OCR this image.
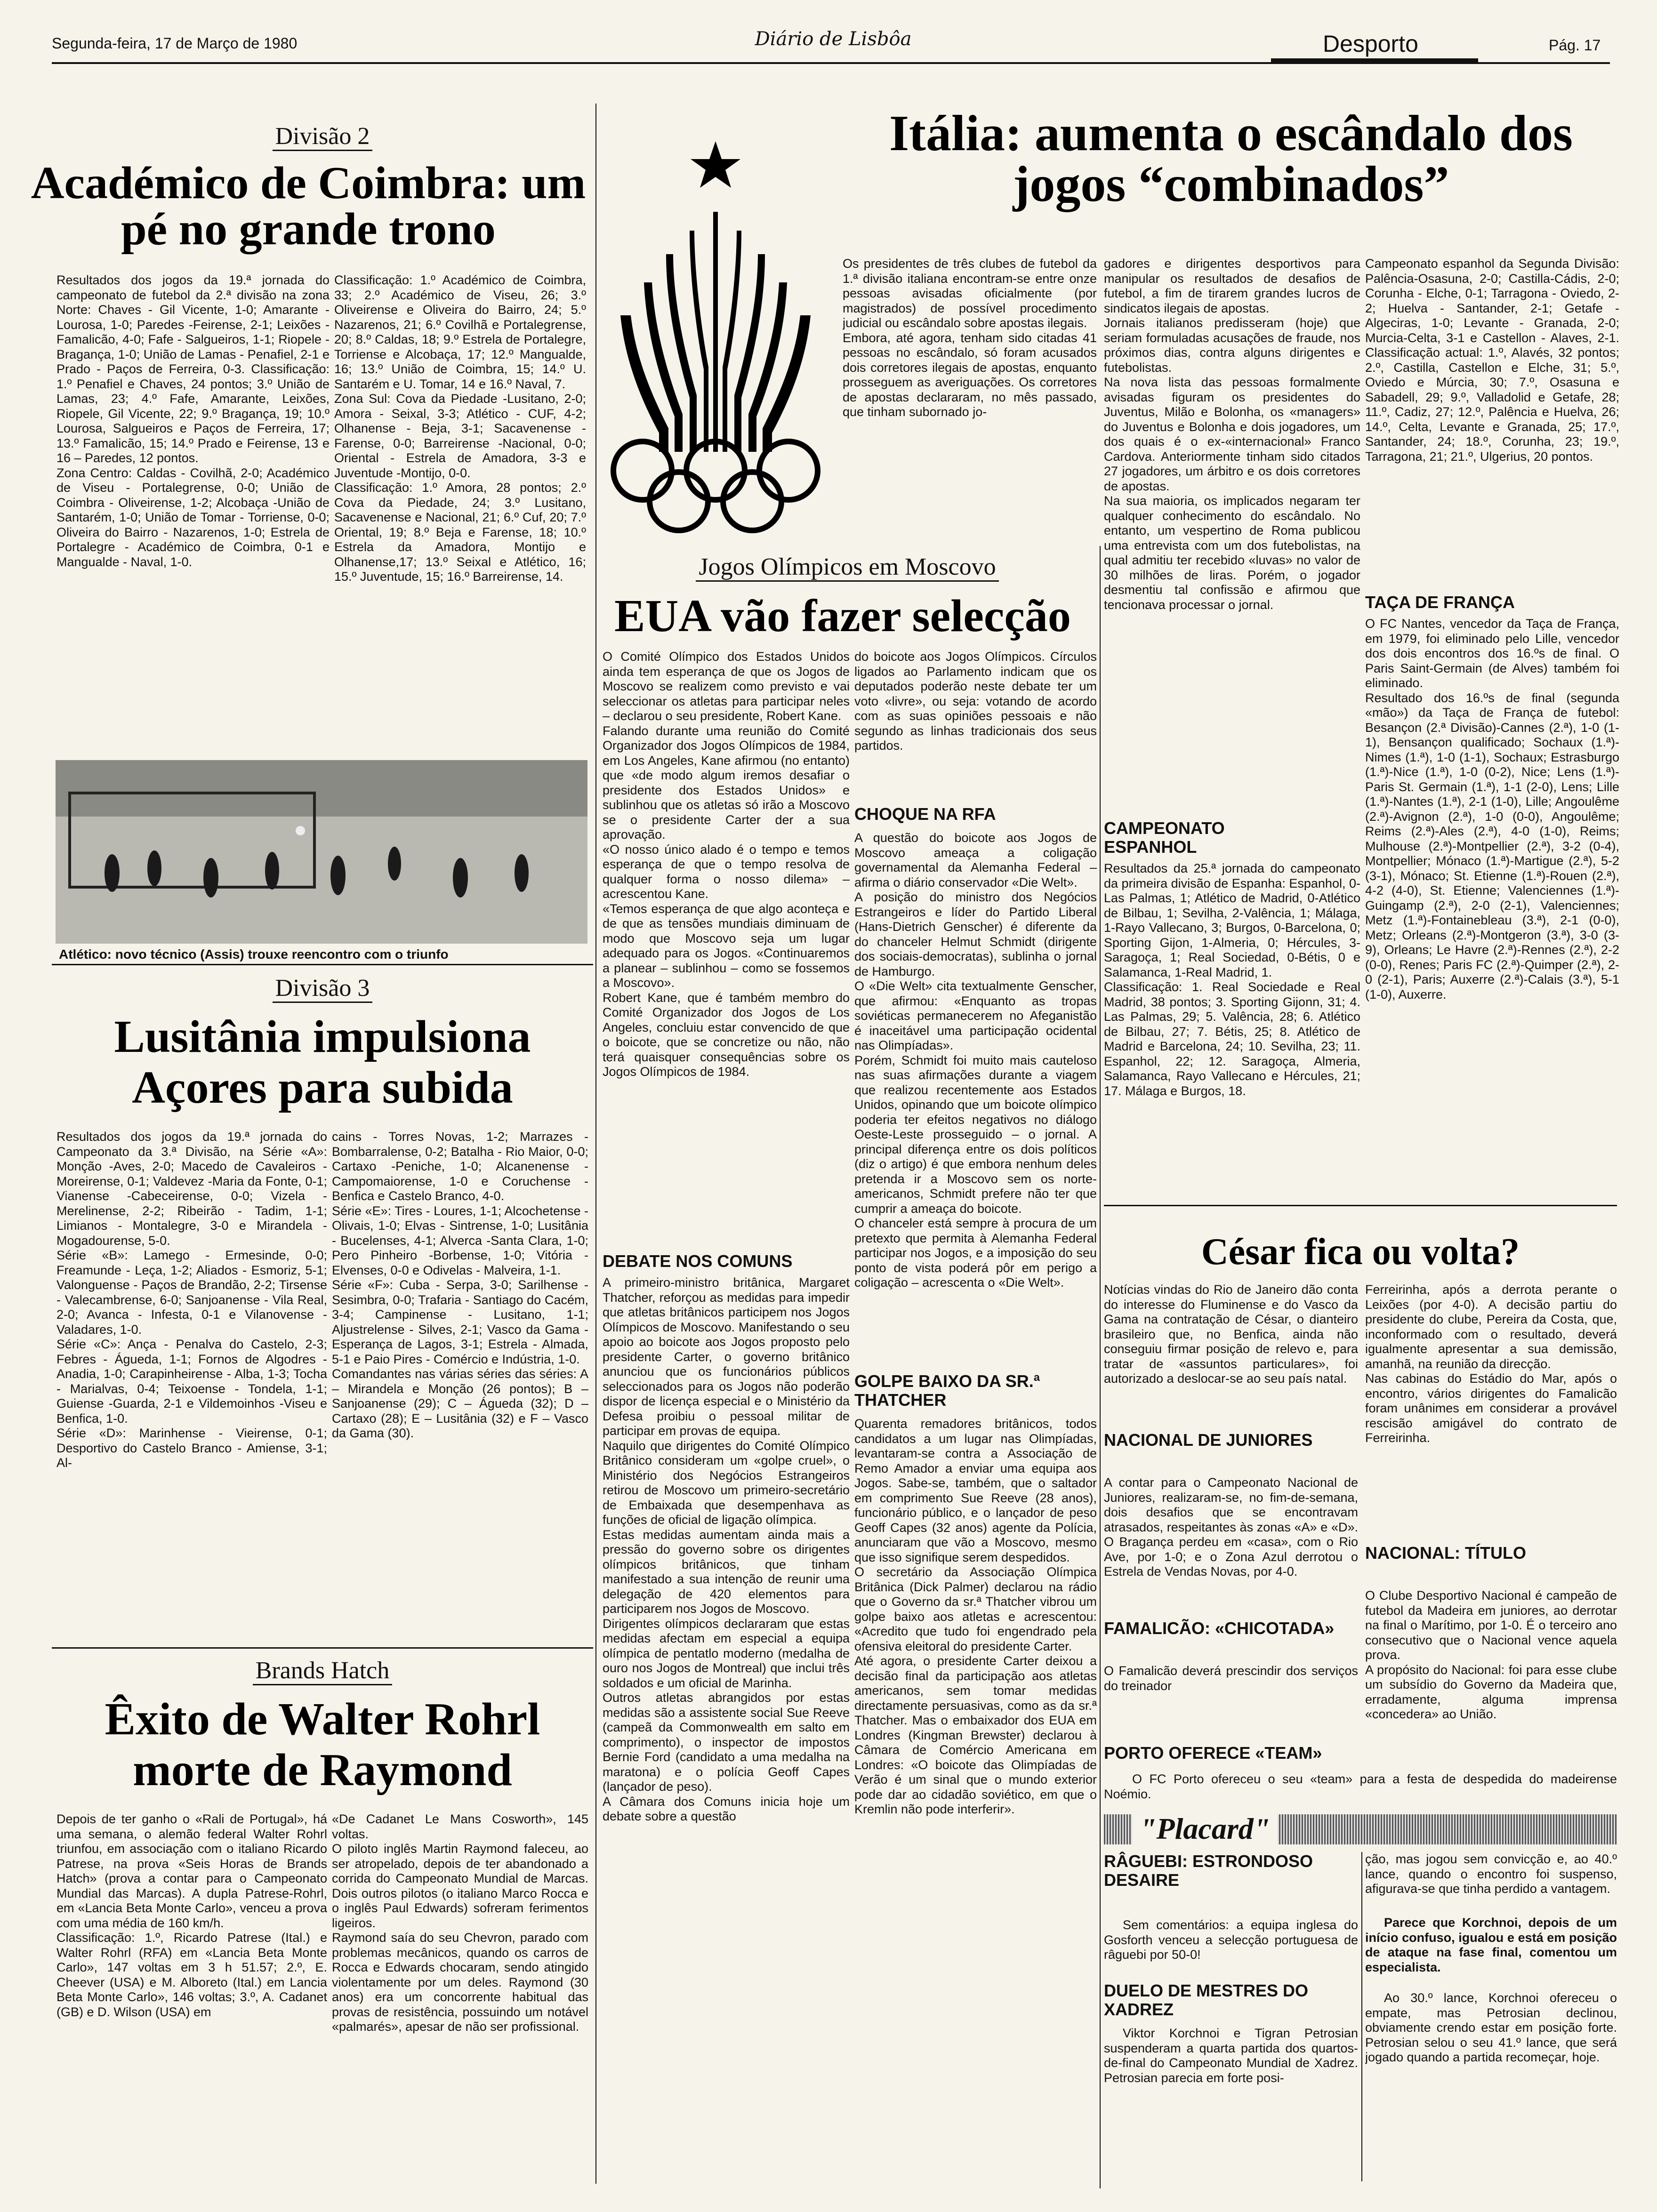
Segunda-feira, 17 de Março de 1980	Diário de Lisbôa	Desporto	Pág. 17
Divisão 2
Académico de Coimbra: um pé no grande trono
Resultados dos jogos da 19.ª jornada do campeonato de futebol da 2.ª divisão na zona Norte: Chaves - Gil Vicente, 1-0; Amarante - Lourosa, 1-0; Paredes -Feirense, 2-1; Leixões - Famalicão, 4-0; Fafe - Salgueiros, 1-1; Riopele - Bragança, 1-0; União de Lamas - Penafiel, 2-1 e Prado - Paços de Ferreira, 0-3. Classificação: 1.º Penafiel e Chaves, 24 pontos; 3.º União de Lamas, 23; 4.º Fafe, Amarante, Leixões, Riopele, Gil Vicente, 22; 9.º Bragança, 19; 10.º Lourosa, Salgueiros e Paços de Ferreira, 17; 13.º Famalicão, 15; 14.º Prado e Feirense, 13 e 16 – Paredes, 12 pontos.
Zona Centro: Caldas - Covilhã, 2-0; Académico de Viseu - Portalegrense, 0-0; União de Coimbra - Oliveirense, 1-2; Alcobaça -União de Santarém, 1-0; União de Tomar - Torriense, 0-0; Oliveira do Bairro - Nazarenos, 1-0; Estrela de Portalegre - Académico de Coimbra, 0-1 e Mangualde - Naval, 1-0.
Classificação: 1.º Académico de Coimbra, 33; 2.º Académico de Viseu, 26; 3.º Oliveirense e Oliveira do Bairro, 24; 5.º Nazarenos, 21; 6.º Covilhã e Portalegrense, 20; 8.º Caldas, 18; 9.º Estrela de Portalegre, Torriense e Alcobaça, 17; 12.º Mangualde, 16; 13.º União de Coimbra, 15; 14.º U. Santarém e U. Tomar, 14 e 16.º Naval, 7.
Zona Sul: Cova da Piedade -Lusitano, 2-0; Amora - Seixal, 3-3; Atlético - CUF, 4-2; Olhanense - Beja, 3-1; Sacavenense - Farense, 0-0; Barreirense -Nacional, 0-0; Oriental - Estrela de Amadora, 3-3 e Juventude -Montijo, 0-0.
Classificação: 1.º Amora, 28 pontos; 2.º Cova da Piedade, 24; 3.º Lusitano, Sacavenense e Nacional, 21; 6.º Cuf, 20; 7.º Oriental, 19; 8.º Beja e Farense, 18; 10.º Estrela da Amadora, Montijo e Olhanense,17; 13.º Seixal e Atlético, 16; 15.º Juventude, 15; 16.º Barreirense, 14.
Atlético: novo técnico (Assis) trouxe reencontro com o triunfo
Divisão 3
Lusitânia impulsiona Açores para subida
Resultados dos jogos da 19.ª jornada do Campeonato da 3.ª Divisão, na Série «A»: Monção -Aves, 2-0; Macedo de Cavaleiros - Moreirense, 0-1; Valdevez -Maria da Fonte, 0-1; Vianense -Cabeceirense, 0-0; Vizela - Merelinense, 2-2; Ribeirão - Tadim, 1-1; Limianos - Montalegre, 3-0 e Mirandela - Mogadourense, 5-0.
Série «B»: Lamego - Ermesinde, 0-0; Freamunde - Leça, 1-2; Aliados - Esmoriz, 5-1; Valonguense - Paços de Brandão, 2-2; Tirsense - Valecambrense, 6-0; Sanjoanense - Vila Real, 2-0; Avanca - Infesta, 0-1 e Vilanovense - Valadares, 1-0.
Série «C»: Ança - Penalva do Castelo, 2-3; Febres - Águeda, 1-1; Fornos de Algodres - Anadia, 1-0; Carapinheirense - Alba, 1-3; Tocha - Marialvas, 0-4; Teixoense - Tondela, 1-1; Guiense -Guarda, 2-1 e Vildemoinhos -Viseu e Benfica, 1-0.
Série «D»: Marinhense - Vieirense, 0-1; Desportivo do Castelo Branco - Amiense, 3-1; Al-
cains - Torres Novas, 1-2; Marrazes - Bombarralense, 0-2; Batalha - Rio Maior, 0-0; Cartaxo -Peniche, 1-0; Alcanenense -Campomaiorense, 1-0 e Coruchense - Benfica e Castelo Branco, 4-0.
Série «E»: Tires - Loures, 1-1; Alcochetense - Olivais, 1-0; Elvas - Sintrense, 1-0; Lusitânia - Bucelenses, 4-1; Alverca -Santa Clara, 1-0; Pero Pinheiro -Borbense, 1-0; Vitória - Elvenses, 0-0 e Odivelas - Malveira, 1-1.
Série «F»: Cuba - Serpa, 3-0; Sarilhense - Sesimbra, 0-0; Trafaria - Santiago do Cacém, 3-4; Campinense - Lusitano, 1-1; Aljustrelense - Silves, 2-1; Vasco da Gama - Esperança de Lagos, 3-1; Estrela - Almada, 5-1 e Paio Pires - Comércio e Indústria, 1-0.
Comandantes nas várias séries das séries: A – Mirandela e Monção (26 pontos); B – Sanjoanense (29); C – Águeda (32); D – Cartaxo (28); E – Lusitânia (32) e F – Vasco da Gama (30).
Brands Hatch
Êxito de Walter Rohrl morte de Raymond
Depois de ter ganho o «Rali de Portugal», há uma semana, o alemão federal Walter Rohrl triunfou, em associação com o italiano Ricardo Patrese, na prova «Seis Horas de Brands Hatch» (prova a contar para o Campeonato Mundial das Marcas). A dupla Patrese-Rohrl, em «Lancia Beta Monte Carlo», venceu a prova com uma média de 160 km/h.
Classificação: 1.º, Ricardo Patrese (Ital.) e Walter Rohrl (RFA) em «Lancia Beta Monte Carlo», 147 voltas em 3 h 51.57; 2.º, E. Cheever (USA) e M. Alboreto (Ital.) em Lancia Beta Monte Carlo», 146 voltas; 3.º, A. Cadanet (GB) e D. Wilson (USA) em
«De Cadanet Le Mans Cosworth», 145 voltas.
O piloto inglês Martin Raymond faleceu, ao ser atropelado, depois de ter abandonado a corrida do Campeonato Mundial de Marcas. Dois outros pilotos (o italiano Marco Rocca e o inglês Paul Edwards) sofreram ferimentos ligeiros.
Raymond saía do seu Chevron, parado com problemas mecânicos, quando os carros de Rocca e Edwards chocaram, sendo atingido violentamente por um deles. Raymond (30 anos) era um concorrente habitual das provas de resistência, possuindo um notável «palmarés», apesar de não ser profissional.
Itália: aumenta o escândalo dos jogos “combinados”
Os presidentes de três clubes de futebol da 1.ª divisão italiana encontram-se entre onze pessoas avisadas oficialmente (por magistrados) de possível procedimento judicial ou escândalo sobre apostas ilegais.
Embora, até agora, tenham sido citadas 41 pessoas no escândalo, só foram acusados dois corretores ilegais de apostas, enquanto prosseguem as averiguações. Os corretores de apostas declararam, no mês passado, que tinham subornado jo-
gadores e dirigentes desportivos para manipular os resultados de desafios de futebol, a fim de tirarem grandes lucros de sindicatos ilegais de apostas.
Jornais italianos predisseram (hoje) que seriam formuladas acusações de fraude, nos próximos dias, contra alguns dirigentes e futebolistas.
Na nova lista das pessoas formalmente avisadas figuram os presidentes do Juventus, Milão e Bolonha, os «managers» do Juventus e Bolonha e dois jogadores, um dos quais é o ex-«internacional» Franco Cardova. Anteriormente tinham sido citados 27 jogadores, um árbitro e os dois corretores de apostas.
Na sua maioria, os implicados negaram ter qualquer conhecimento do escândalo. No entanto, um vespertino de Roma publicou uma entrevista com um dos futebolistas, na qual admitiu ter recebido «luvas» no valor de 30 milhões de liras. Porém, o jogador desmentiu tal confissão e afirmou que tencionava processar o jornal.
CAMPEONATO ESPANHOL
Resultados da 25.ª jornada do campeonato da primeira divisão de Espanha: Espanhol, 0-Las Palmas, 1; Atlético de Madrid, 0-Atlético de Bilbau, 1; Sevilha, 2-Valência, 1; Málaga, 1-Rayo Vallecano, 3; Burgos, 0-Barcelona, 0; Sporting Gijon, 1-Almeria, 0; Hércules, 3-Saragoça, 1; Real Sociedad, 0-Bétis, 0 e Salamanca, 1-Real Madrid, 1.
Classificação: 1. Real Sociedade e Real Madrid, 38 pontos; 3. Sporting Gijonn, 31; 4. Las Palmas, 29; 5. Valência, 28; 6. Atlético de Bilbau, 27; 7. Bétis, 25; 8. Atlético de Madrid e Barcelona, 24; 10. Sevilha, 23; 11. Espanhol, 22; 12. Saragoça, Almeria, Salamanca, Rayo Vallecano e Hércules, 21; 17. Málaga e Burgos, 18.
Campeonato espanhol da Segunda Divisão: Palência-Osasuna, 2-0; Castilla-Cádis, 2-0; Corunha - Elche, 0-1; Tarragona - Oviedo, 2-2; Huelva - Santander, 2-1; Getafe - Algeciras, 1-0; Levante - Granada, 2-0; Murcia-Celta, 3-1 e Castellon - Alaves, 2-1. Classificação actual: 1.º, Alavés, 32 pontos; 2.º, Castilla, Castellon e Elche, 31; 5.º, Oviedo e Múrcia, 30; 7.º, Osasuna e Sabadell, 29; 9.º, Valladolid e Getafe, 28; 11.º, Cadiz, 27; 12.º, Palência e Huelva, 26; 14.º, Celta, Levante e Granada, 25; 17.º, Santander, 24; 18.º, Corunha, 23; 19.º, Tarragona, 21; 21.º, Ulgerius, 20 pontos.
TAÇA DE FRANÇA
O FC Nantes, vencedor da Taça de França, em 1979, foi eliminado pelo Lille, vencedor dos dois encontros dos 16.ºs de final. O Paris Saint-Germain (de Alves) também foi eliminado.
Resultado dos 16.ºs de final (segunda «mão») da Taça de França de futebol: Besançon (2.ª Divisão)-Cannes (2.ª), 1-0 (1-1), Bensançon qualificado; Sochaux (1.ª)-Nimes (1.ª), 1-0 (1-1), Sochaux; Estrasburgo (1.ª)-Nice (1.ª), 1-0 (0-2), Nice; Lens (1.ª)-Paris St. Germain (1.ª), 1-1 (2-0), Lens; Lille (1.ª)-Nantes (1.ª), 2-1 (1-0), Lille; Angoulême (2.ª)-Avignon (2.ª), 1-0 (0-0), Angoulême; Reims (2.ª)-Ales (2.ª), 4-0 (1-0), Reims; Mulhouse (2.ª)-Montpellier (2.ª), 3-2 (0-4), Montpellier; Mónaco (1.ª)-Martigue (2.ª), 5-2 (3-1), Mónaco; St. Etienne (1.ª)-Rouen (2.ª), 4-2 (4-0), St. Etienne; Valenciennes (1.ª)-Guingamp (2.ª), 2-0 (2-1), Valenciennes; Metz (1.ª)-Fontainebleau (3.ª), 2-1 (0-0), Metz; Orleans (2.ª)-Montgeron (3.ª), 3-0 (3-9), Orleans; Le Havre (2.ª)-Rennes (2.ª), 2-2 (0-0), Renes; Paris FC (2.ª)-Quimper (2.ª), 2-0 (2-1), Paris; Auxerre (2.ª)-Calais (3.ª), 5-1 (1-0), Auxerre.
Jogos Olímpicos em Moscovo
EUA vão fazer selecção
O Comité Olímpico dos Estados Unidos ainda tem esperança de que os Jogos de Moscovo se realizem como previsto e vai seleccionar os atletas para participar neles – declarou o seu presidente, Robert Kane.
Falando durante uma reunião do Comité Organizador dos Jogos Olímpicos de 1984, em Los Angeles, Kane afirmou (no entanto) que «de modo algum iremos desafiar o presidente dos Estados Unidos» e sublinhou que os atletas só irão a Moscovo se o presidente Carter der a sua aprovação.
«O nosso único alado é o tempo e temos esperança de que o tempo resolva de qualquer forma o nosso dilema» – acrescentou Kane.
«Temos esperança de que algo aconteça e de que as tensões mundiais diminuam de modo que Moscovo seja um lugar adequado para os Jogos. «Continuaremos a planear – sublinhou – como se fossemos a Moscovo».
Robert Kane, que é também membro do Comité Organizador dos Jogos de Los Angeles, concluiu estar convencido de que o boicote, que se concretize ou não, não terá quaisquer consequências sobre os Jogos Olímpicos de 1984.
DEBATE NOS COMUNS
A primeiro-ministro britânica, Margaret Thatcher, reforçou as medidas para impedir que atletas britânicos participem nos Jogos Olímpicos de Moscovo. Manifestando o seu apoio ao boicote aos Jogos proposto pelo presidente Carter, o governo britânico anunciou que os funcionários públicos seleccionados para os Jogos não poderão dispor de licença especial e o Ministério da Defesa proibiu o pessoal militar de participar em provas de equipa.
Naquilo que dirigentes do Comité Olímpico Britânico consideram um «golpe cruel», o Ministério dos Negócios Estrangeiros retirou de Moscovo um primeiro-secretário de Embaixada que desempenhava as funções de oficial de ligação olímpica.
Estas medidas aumentam ainda mais a pressão do governo sobre os dirigentes olímpicos britânicos, que tinham manifestado a sua intenção de reunir uma delegação de 420 elementos para participarem nos Jogos de Moscovo.
Dirigentes olímpicos declararam que estas medidas afectam em especial a equipa olímpica de pentatlo moderno (medalha de ouro nos Jogos de Montreal) que inclui três soldados e um oficial de Marinha.
Outros atletas abrangidos por estas medidas são a assistente social Sue Reeve (campeã da Commonwealth em salto em comprimento), o inspector de impostos Bernie Ford (candidato a uma medalha na maratona) e o polícia Geoff Capes (lançador de peso).
A Câmara dos Comuns inicia hoje um debate sobre a questão
do boicote aos Jogos Olímpicos. Círculos ligados ao Parlamento indicam que os deputados poderão neste debate ter um voto «livre», ou seja: votando de acordo com as suas opiniões pessoais e não segundo as linhas tradicionais dos seus partidos.
CHOQUE NA RFA
A questão do boicote aos Jogos de Moscovo ameaça a coligação governamental da Alemanha Federal – afirma o diário conservador «Die Welt».
A posição do ministro dos Negócios Estrangeiros e líder do Partido Liberal (Hans-Dietrich Genscher) é diferente da do chanceler Helmut Schmidt (dirigente dos sociais-democratas), sublinha o jornal de Hamburgo.
O «Die Welt» cita textualmente Genscher, que afirmou: «Enquanto as tropas soviéticas permanecerem no Afeganistão é inaceitável uma participação ocidental nas Olimpíadas».
Porém, Schmidt foi muito mais cauteloso nas suas afirmações durante a viagem que realizou recentemente aos Estados Unidos, opinando que um boicote olímpico poderia ter efeitos negativos no diálogo Oeste-Leste prosseguido – o jornal. A principal diferença entre os dois políticos (diz o artigo) é que embora nenhum deles pretenda ir a Moscovo sem os norte-americanos, Schmidt prefere não ter que cumprir a ameaça do boicote.
O chanceler está sempre à procura de um pretexto que permita à Alemanha Federal participar nos Jogos, e a imposição do seu ponto de vista poderá pôr em perigo a coligação – acrescenta o «Die Welt».
GOLPE BAIXO DA SR.ª THATCHER
Quarenta remadores britânicos, todos candidatos a um lugar nas Olimpíadas, levantaram-se contra a Associação de Remo Amador a enviar uma equipa aos Jogos. Sabe-se, também, que o saltador em comprimento Sue Reeve (28 anos), funcionário público, e o lançador de peso Geoff Capes (32 anos) agente da Polícia, anunciaram que vão a Moscovo, mesmo que isso signifique serem despedidos.
O secretário da Associação Olímpica Britânica (Dick Palmer) declarou na rádio que o Governo da sr.ª Thatcher vibrou um golpe baixo aos atletas e acrescentou: «Acredito que tudo foi engendrado pela ofensiva eleitoral do presidente Carter.
Até agora, o presidente Carter deixou a decisão final da participação aos atletas americanos, sem tomar medidas directamente persuasivas, como as da sr.ª Thatcher. Mas o embaixador dos EUA em Londres (Kingman Brewster) declarou à Câmara de Comércio Americana em Londres: «O boicote das Olimpíadas de Verão é um sinal que o mundo exterior pode dar ao cidadão soviético, em que o Kremlin não pode interferir».
César fica ou volta?
Notícias vindas do Rio de Janeiro dão conta do interesse do Fluminense e do Vasco da Gama na contratação de César, o dianteiro brasileiro que, no Benfica, ainda não conseguiu firmar posição de relevo e, para tratar de «assuntos particulares», foi autorizado a deslocar-se ao seu país natal.
NACIONAL DE JUNIORES
A contar para o Campeonato Nacional de Juniores, realizaram-se, no fim-de-semana, dois desafios que se encontravam atrasados, respeitantes às zonas «A» e «D». O Bragança perdeu em «casa», com o Rio Ave, por 1-0; e o Zona Azul derrotou o Estrela de Vendas Novas, por 4-0.
FAMALICÃO: «CHICOTADA»
O Famalicão deverá prescindir dos serviços do treinador
Ferreirinha, após a derrota perante o Leixões (por 4-0). A decisão partiu do presidente do clube, Pereira da Costa, que, inconformado com o resultado, deverá igualmente apresentar a sua demissão, amanhã, na reunião da direcção.
Nas cabinas do Estádio do Mar, após o encontro, vários dirigentes do Famalicão foram unânimes em considerar a provável rescisão amigável do contrato de Ferreirinha.
NACIONAL: TÍTULO
O Clube Desportivo Nacional é campeão de futebol da Madeira em juniores, ao derrotar na final o Marítimo, por 1-0. É o terceiro ano consecutivo que o Nacional vence aquela prova.
A propósito do Nacional: foi para esse clube um subsídio do Governo da Madeira que, erradamente, alguma imprensa «concedera» ao União.
PORTO OFERECE «TEAM»
O FC Porto ofereceu o seu «team» para a festa de despedida do madeirense Noémio.
"Placard"
RÂGUEBI: ESTRONDOSO DESAIRE
Sem comentários: a equipa inglesa do Gosforth venceu a selecção portuguesa de râguebi por 50-0!
DUELO DE MESTRES DO XADREZ
Viktor Korchnoi e Tigran Petrosian suspenderam a quarta partida dos quartos-de-final do Campeonato Mundial de Xadrez. Petrosian parecia em forte posi-
ção, mas jogou sem convicção e, ao 40.º lance, quando o encontro foi suspenso, afigurava-se que tinha perdido a vantagem.
Parece que Korchnoi, depois de um início confuso, igualou e está em posição de ataque na fase final, comentou um especialista.
Ao 30.º lance, Korchnoi ofereceu o empate, mas Petrosian declinou, obviamente crendo estar em posição forte. Petrosian selou o seu 41.º lance, que será jogado quando a partida recomeçar, hoje.
